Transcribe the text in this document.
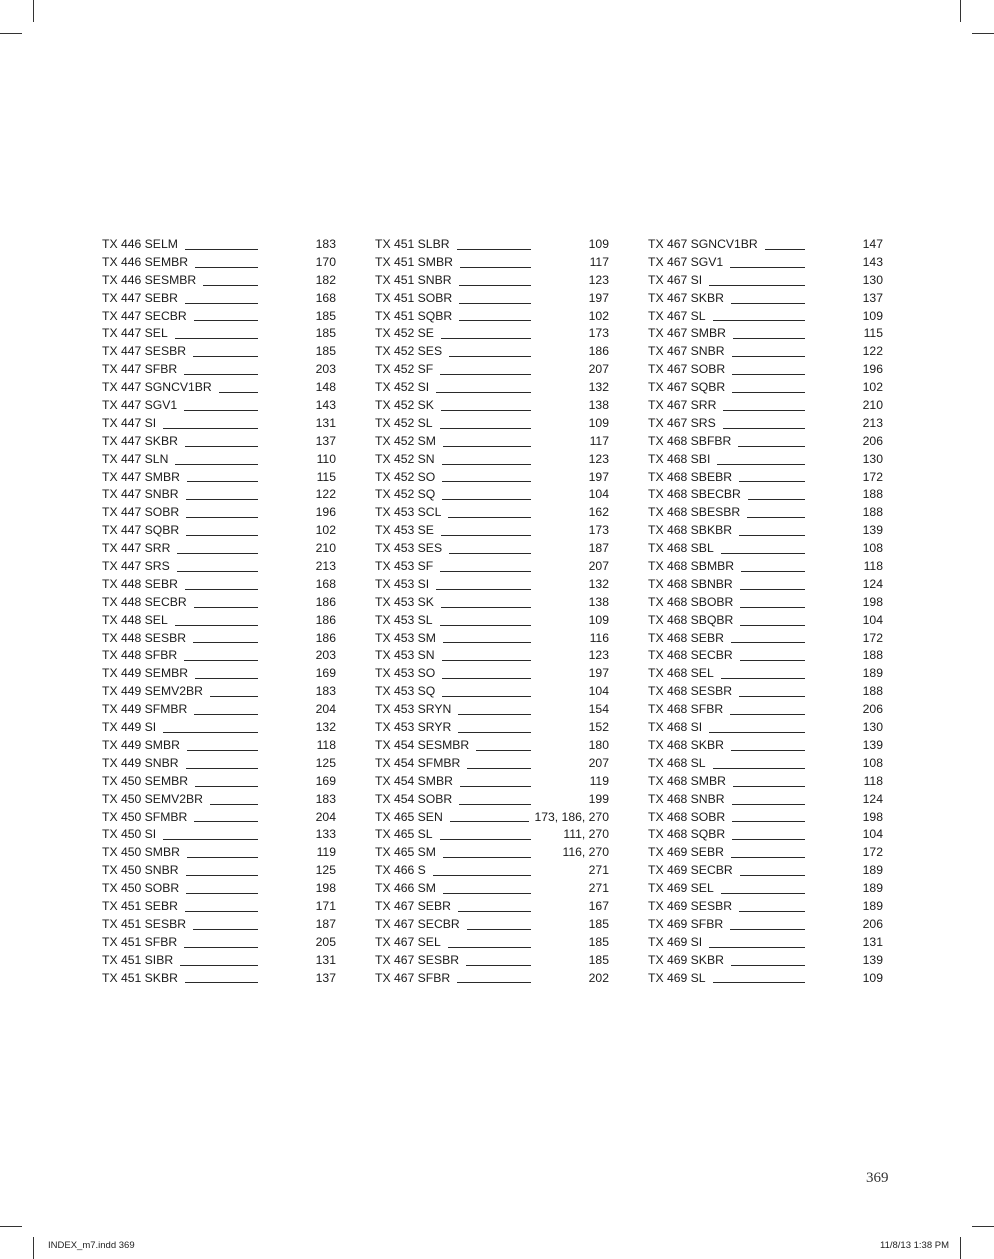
TX 446 SELM	183
TX 446 SEMBR	170
TX 446 SESMBR	182
TX 447 SEBR	168
TX 447 SECBR	185
TX 447 SEL	185
TX 447 SESBR	185
TX 447 SFBR	203
TX 447 SGNCV1BR	148
TX 447 SGV1	143
TX 447 SI	131
TX 447 SKBR	137
TX 447 SLN	110
TX 447 SMBR	115
TX 447 SNBR	122
TX 447 SOBR	196
TX 447 SQBR	102
TX 447 SRR	210
TX 447 SRS	213
TX 448 SEBR	168
TX 448 SECBR	186
TX 448 SEL	186
TX 448 SESBR	186
TX 448 SFBR	203
TX 449 SEMBR	169
TX 449 SEMV2BR	183
TX 449 SFMBR	204
TX 449 SI	132
TX 449 SMBR	118
TX 449 SNBR	125
TX 450 SEMBR	169
TX 450 SEMV2BR	183
TX 450 SFMBR	204
TX 450 SI	133
TX 450 SMBR	119
TX 450 SNBR	125
TX 450 SOBR	198
TX 451 SEBR	171
TX 451 SESBR	187
TX 451 SFBR	205
TX 451 SIBR	131
TX 451 SKBR	137
TX 451 SLBR	109
TX 451 SMBR	117
TX 451 SNBR	123
TX 451 SOBR	197
TX 451 SQBR	102
TX 452 SE	173
TX 452 SES	186
TX 452 SF	207
TX 452 SI	132
TX 452 SK	138
TX 452 SL	109
TX 452 SM	117
TX 452 SN	123
TX 452 SO	197
TX 452 SQ	104
TX 453 SCL	162
TX 453 SE	173
TX 453 SES	187
TX 453 SF	207
TX 453 SI	132
TX 453 SK	138
TX 453 SL	109
TX 453 SM	116
TX 453 SN	123
TX 453 SO	197
TX 453 SQ	104
TX 453 SRYN	154
TX 453 SRYR	152
TX 454 SESMBR	180
TX 454 SFMBR	207
TX 454 SMBR	119
TX 454 SOBR	199
TX 465 SEN	173, 186, 270
TX 465 SL	111, 270
TX 465 SM	116, 270
TX 466 S	271
TX 466 SM	271
TX 467 SEBR	167
TX 467 SECBR	185
TX 467 SEL	185
TX 467 SESBR	185
TX 467 SFBR	202
TX 467 SGNCV1BR	147
TX 467 SGV1	143
TX 467 SI	130
TX 467 SKBR	137
TX 467 SL	109
TX 467 SMBR	115
TX 467 SNBR	122
TX 467 SOBR	196
TX 467 SQBR	102
TX 467 SRR	210
TX 467 SRS	213
TX 468 SBFBR	206
TX 468 SBI	130
TX 468 SBEBR	172
TX 468 SBECBR	188
TX 468 SBESBR	188
TX 468 SBKBR	139
TX 468 SBL	108
TX 468 SBMBR	118
TX 468 SBNBR	124
TX 468 SBOBR	198
TX 468 SBQBR	104
TX 468 SEBR	172
TX 468 SECBR	188
TX 468 SEL	189
TX 468 SESBR	188
TX 468 SFBR	206
TX 468 SI	130
TX 468 SKBR	139
TX 468 SL	108
TX 468 SMBR	118
TX 468 SNBR	124
TX 468 SOBR	198
TX 468 SQBR	104
TX 469 SEBR	172
TX 469 SECBR	189
TX 469 SEL	189
TX 469 SESBR	189
TX 469 SFBR	206
TX 469 SI	131
TX 469 SKBR	139
TX 469 SL	109
369
INDEX_m7.indd 369	11/8/13 1:38 PM
